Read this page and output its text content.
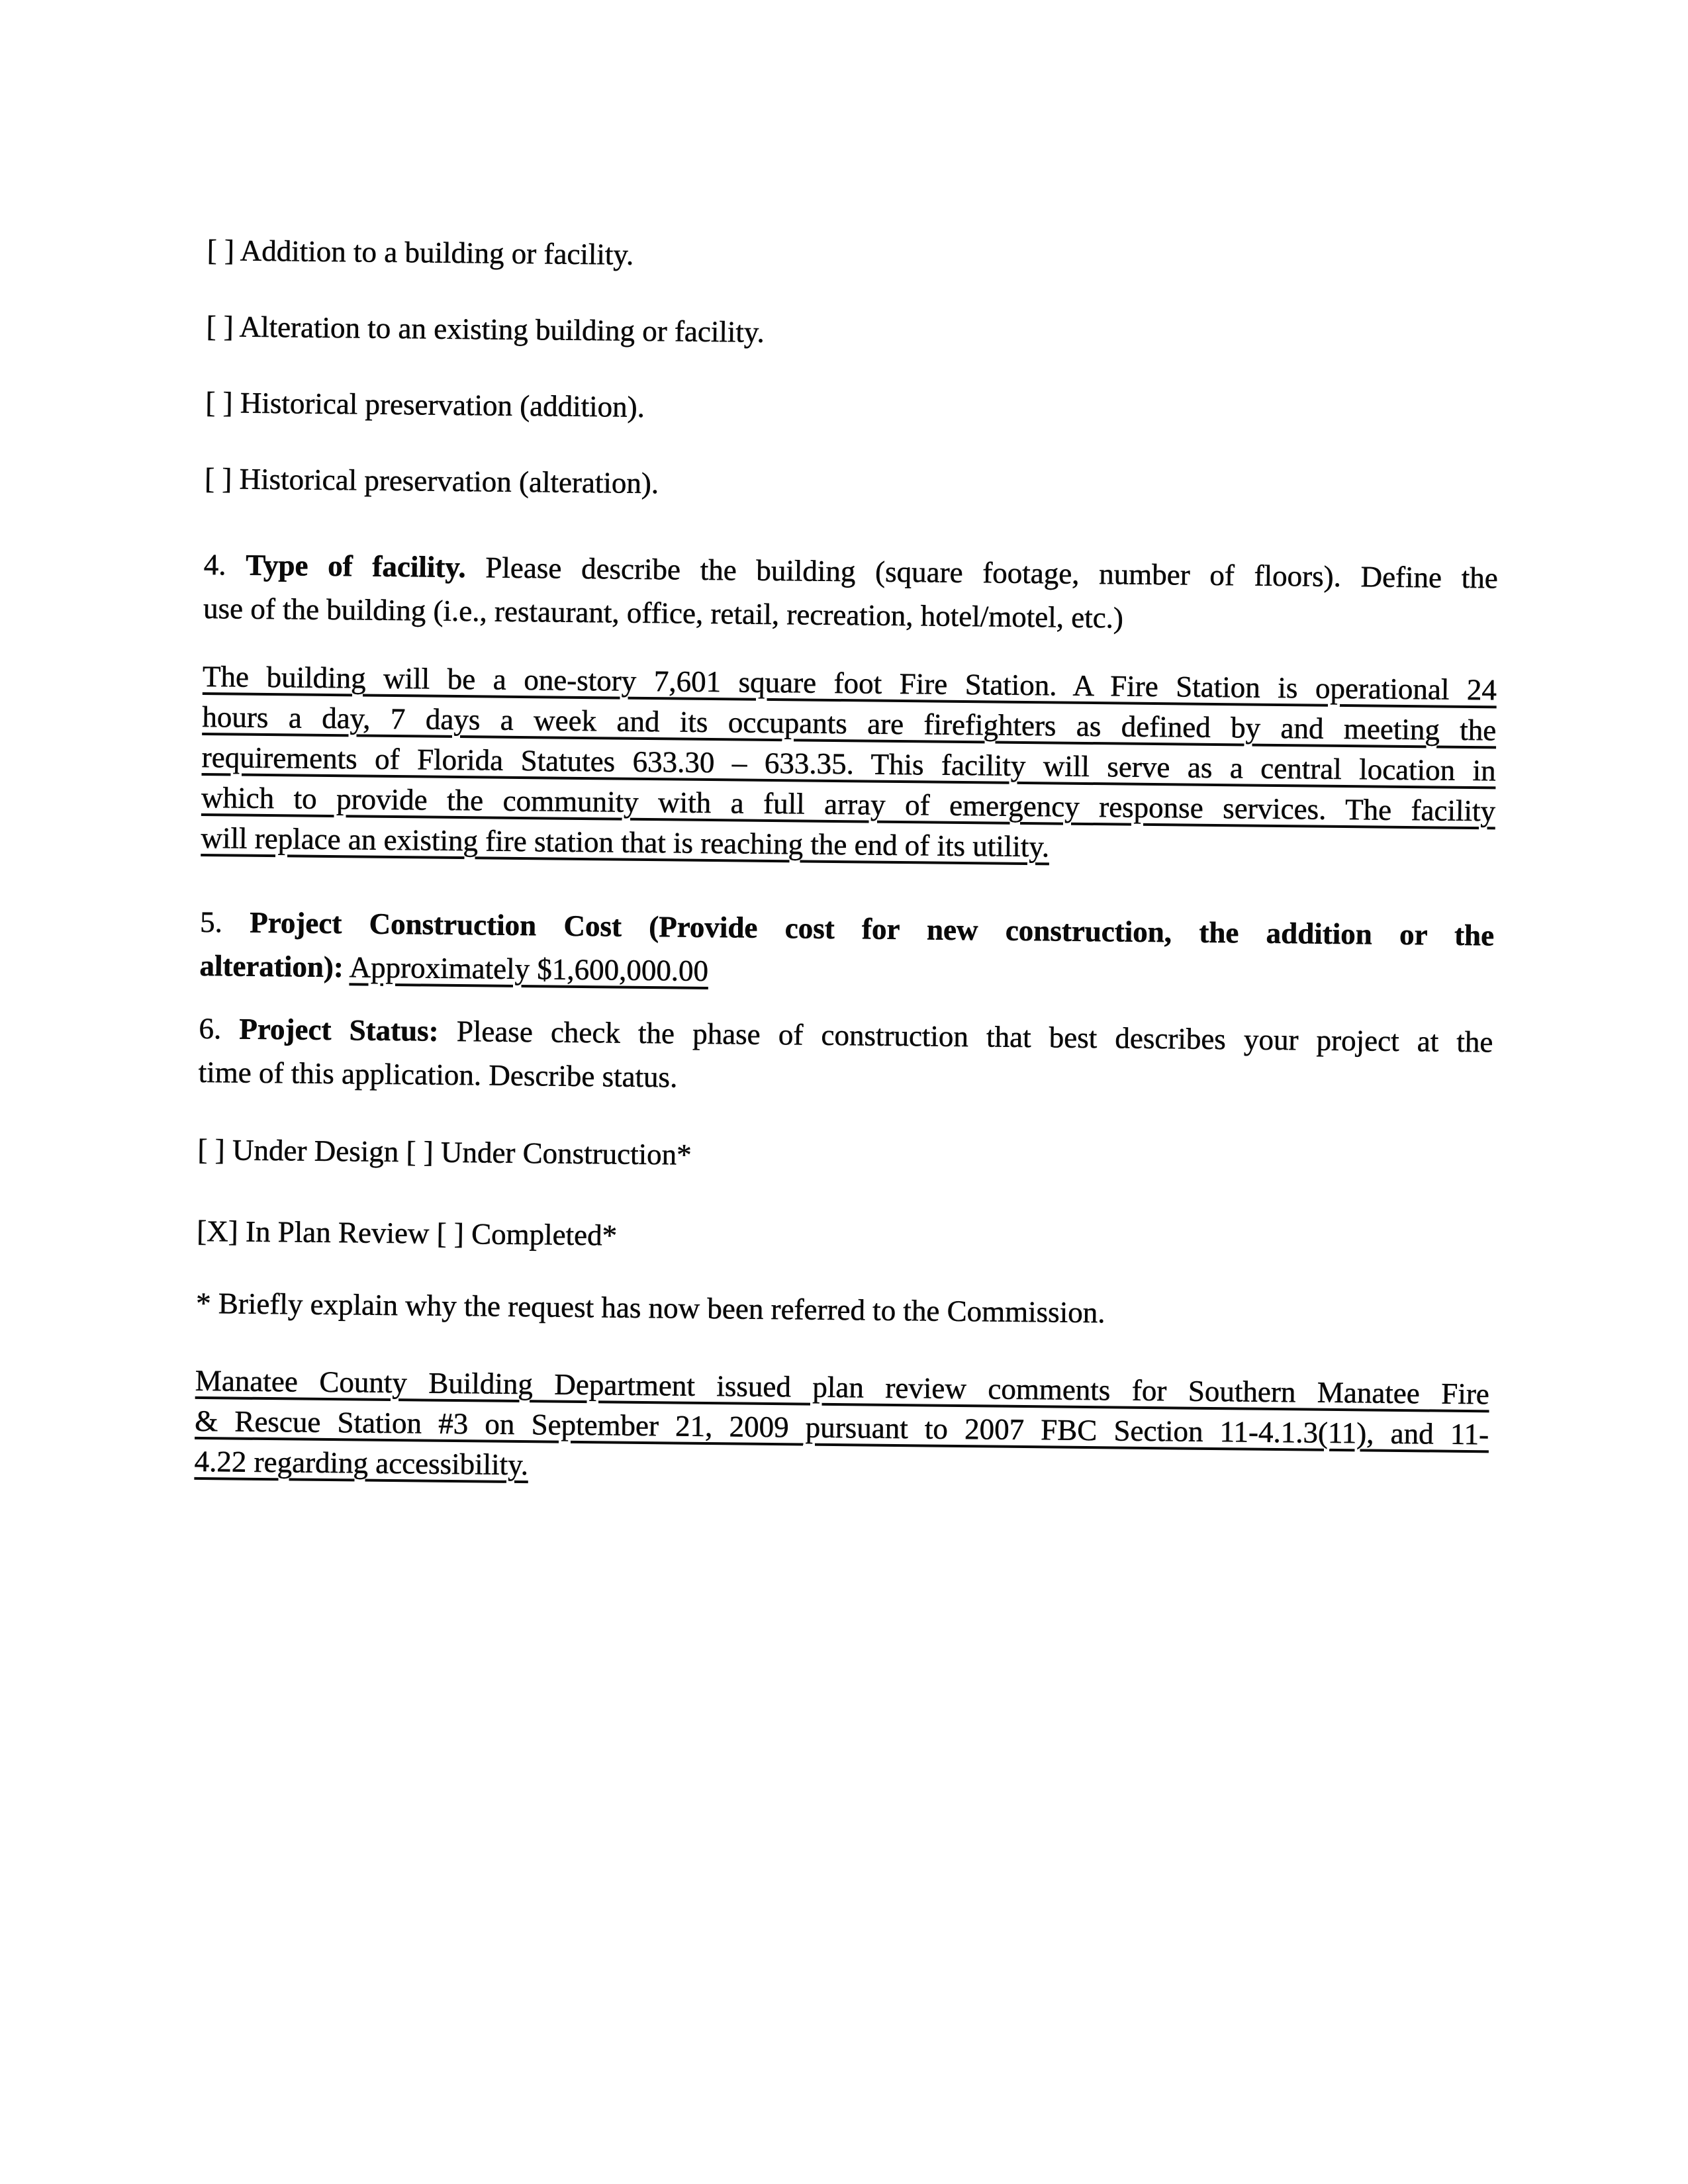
[ ] Addition to a building or facility.
[ ] Alteration to an existing building or facility.
[ ] Historical preservation (addition).
[ ] Historical preservation (alteration).
4. Type of facility. Please describe the building (square footage, number of floors). Define the
use of the building (i.e., restaurant, office, retail, recreation, hotel/motel, etc.)
The building will be a one-story 7,601 square foot Fire Station. A Fire Station is operational 24
hours a day, 7 days a week and its occupants are firefighters as defined by and meeting the
requirements of Florida Statutes 633.30 – 633.35. This facility will serve as a central location in
which to provide the community with a full array of emergency response services. The facility
will replace an existing fire station that is reaching the end of its utility.
5. Project Construction Cost (Provide cost for new construction, the addition or the
alteration): Approximately $1,600,000.00
6. Project Status: Please check the phase of construction that best describes your project at the
time of this application. Describe status.
[ ] Under Design [ ] Under Construction*
[X] In Plan Review [ ] Completed*
* Briefly explain why the request has now been referred to the Commission.
Manatee County Building Department issued plan review comments for Southern Manatee Fire
& Rescue Station #3 on September 21, 2009 pursuant to 2007 FBC Section 11-4.1.3(11), and 11-
4.22 regarding accessibility.
